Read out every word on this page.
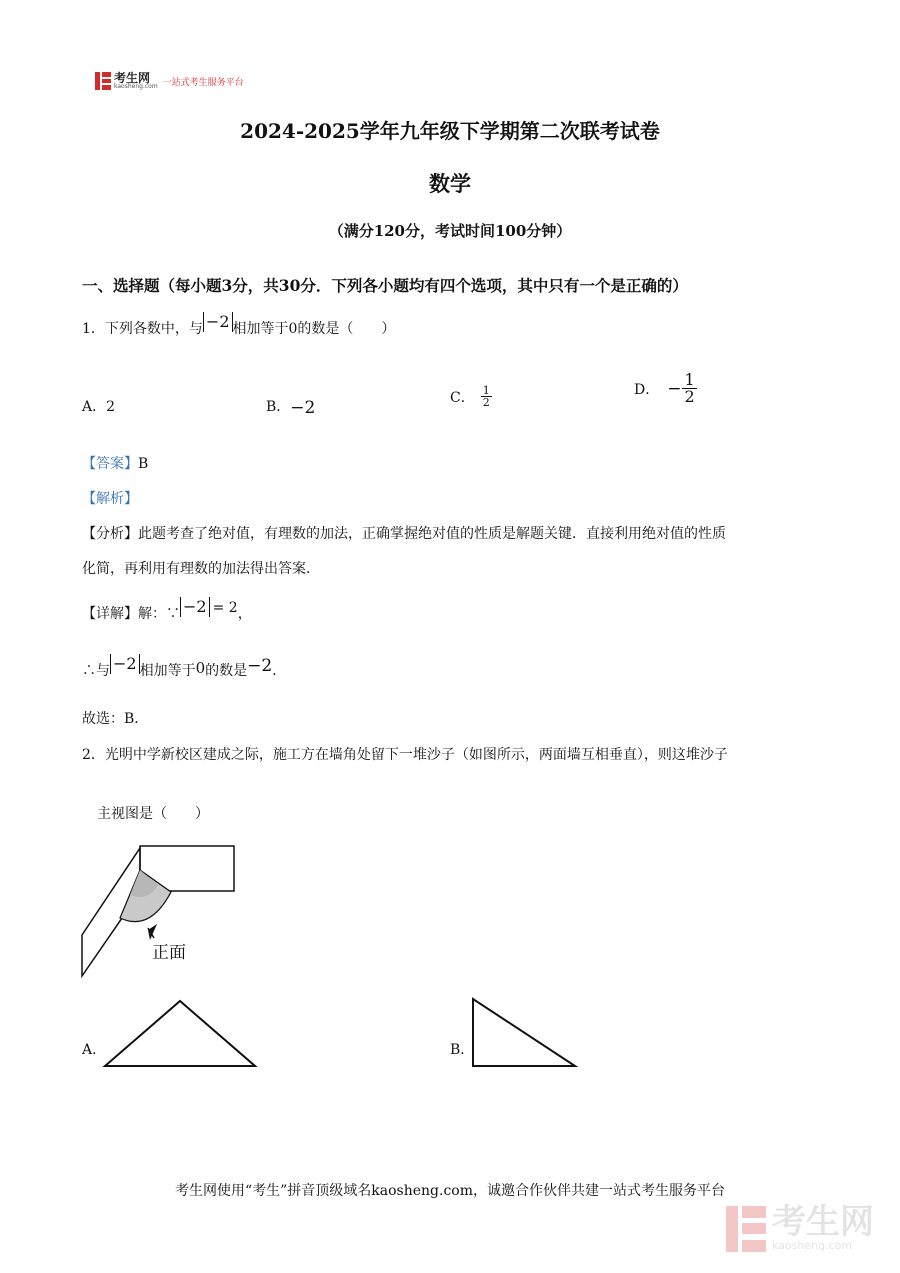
考生网
kaosheng.com 一站式考生服务平台
2024-2025学年九年级下学期第二次联考试卷
数学
（满分120分，考试时间100分钟）
一、选择题（每小题3分，共30分．下列各小题均有四个选项，其中只有一个是正确的）
1．下列各数中，与 −2 相加等于0的数是（　　）
A．2	B．−2
C． $\frac{1}{2}$	D． − $\frac{1}{2}$
【答案】B
【解析】
【分析】此题考查了绝对值，有理数的加法，正确掌握绝对值的性质是解题关键．直接利用绝对值的性质
化简，再利用有理数的加法得出答案．
【详解】解：∵ −2 = 2，
∴与 −2 相加等于0的数是−2．
故选：B．
2．光明中学新校区建成之际，施工方在墙角处留下一堆沙子（如图所示，两面墙互相垂直），则这堆沙子
主视图是（　　）
正面
A．	B．
考生网使用“考生”拼音顶级域名kaosheng.com，诚邀合作伙伴共建一站式考生服务平台
考生网
kaosheng.com
